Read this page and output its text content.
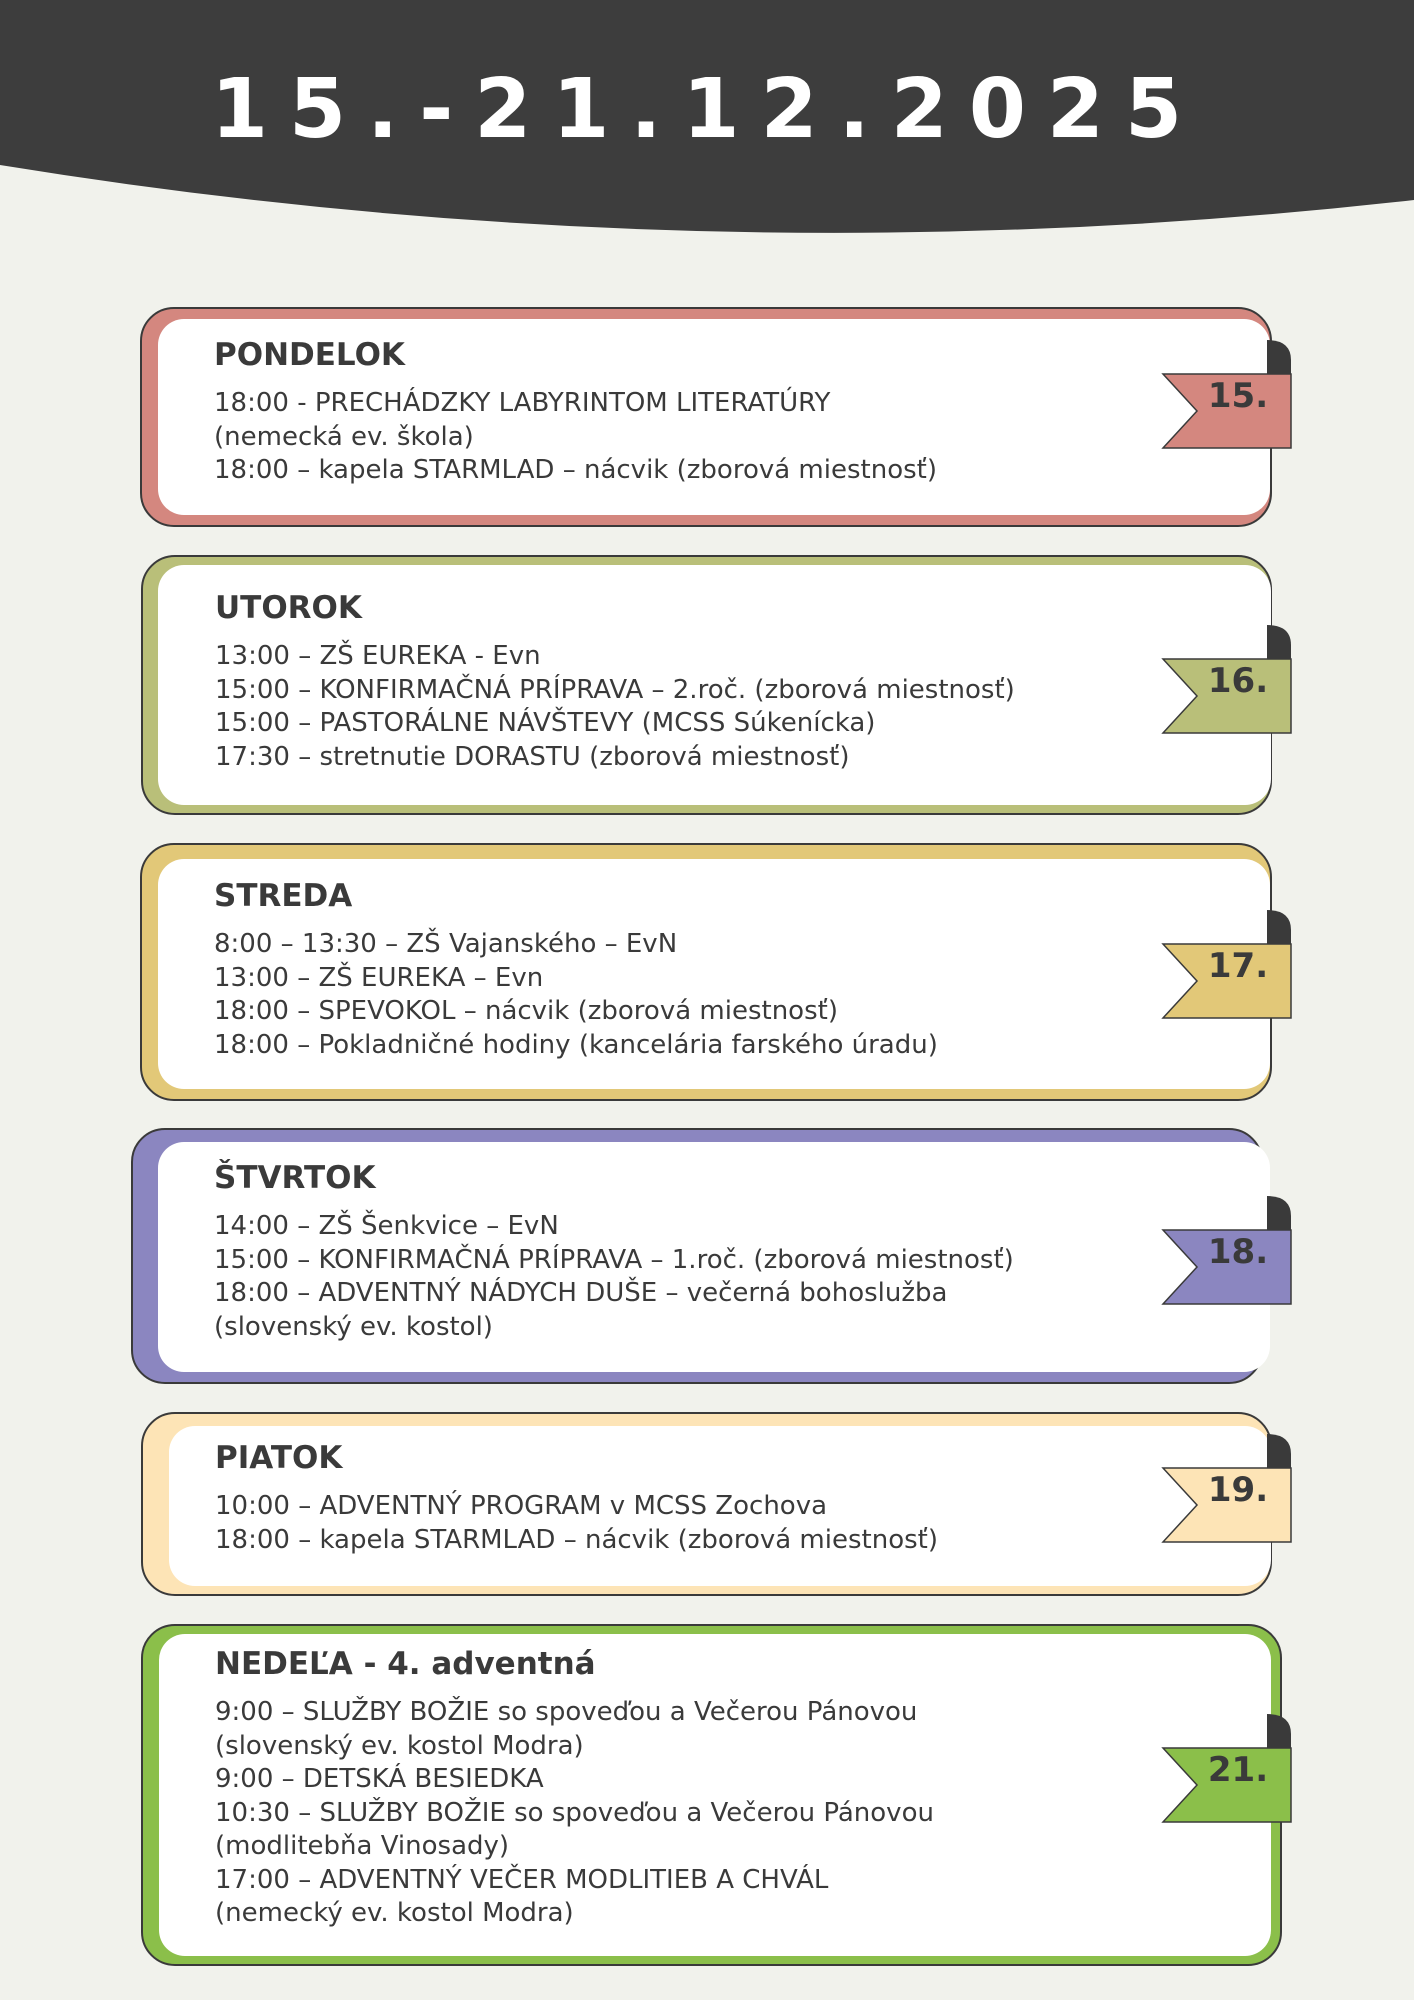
15.-21.12.2025
PONDELOK
18:00 - PRECHÁDZKY LABYRINTOM LITERATÚRY
(nemecká ev. škola)
18:00 – kapela STARMLAD – nácvik (zborová miestnosť)
15.
UTOROK
13:00 – ZŠ EUREKA - Evn
15:00 – KONFIRMAČNÁ PRÍPRAVA – 2.roč. (zborová miestnosť)
15:00 – PASTORÁLNE NÁVŠTEVY (MCSS Súkenícka)
17:30 – stretnutie DORASTU (zborová miestnosť)
16.
STREDA
8:00 – 13:30 – ZŠ Vajanského – EvN
13:00 – ZŠ EUREKA – Evn
18:00 – SPEVOKOL – nácvik (zborová miestnosť)
18:00 – Pokladničné hodiny (kancelária farského úradu)
17.
ŠTVRTOK
14:00 – ZŠ Šenkvice – EvN
15:00 – KONFIRMAČNÁ PRÍPRAVA – 1.roč. (zborová miestnosť)
18:00 – ADVENTNÝ NÁDYCH DUŠE – večerná bohoslužba
(slovenský ev. kostol)
18.
PIATOK
10:00 – ADVENTNÝ PROGRAM v MCSS Zochova
18:00 – kapela STARMLAD – nácvik (zborová miestnosť)
19.
NEDEĽA - 4. adventná
9:00 – SLUŽBY BOŽIE so spoveďou a Večerou Pánovou
(slovenský ev. kostol Modra)
9:00 – DETSKÁ BESIEDKA
10:30 – SLUŽBY BOŽIE so spoveďou a Večerou Pánovou
(modlitebňa Vinosady)
17:00 – ADVENTNÝ VEČER MODLITIEB A CHVÁL
(nemecký ev. kostol Modra)
21.
